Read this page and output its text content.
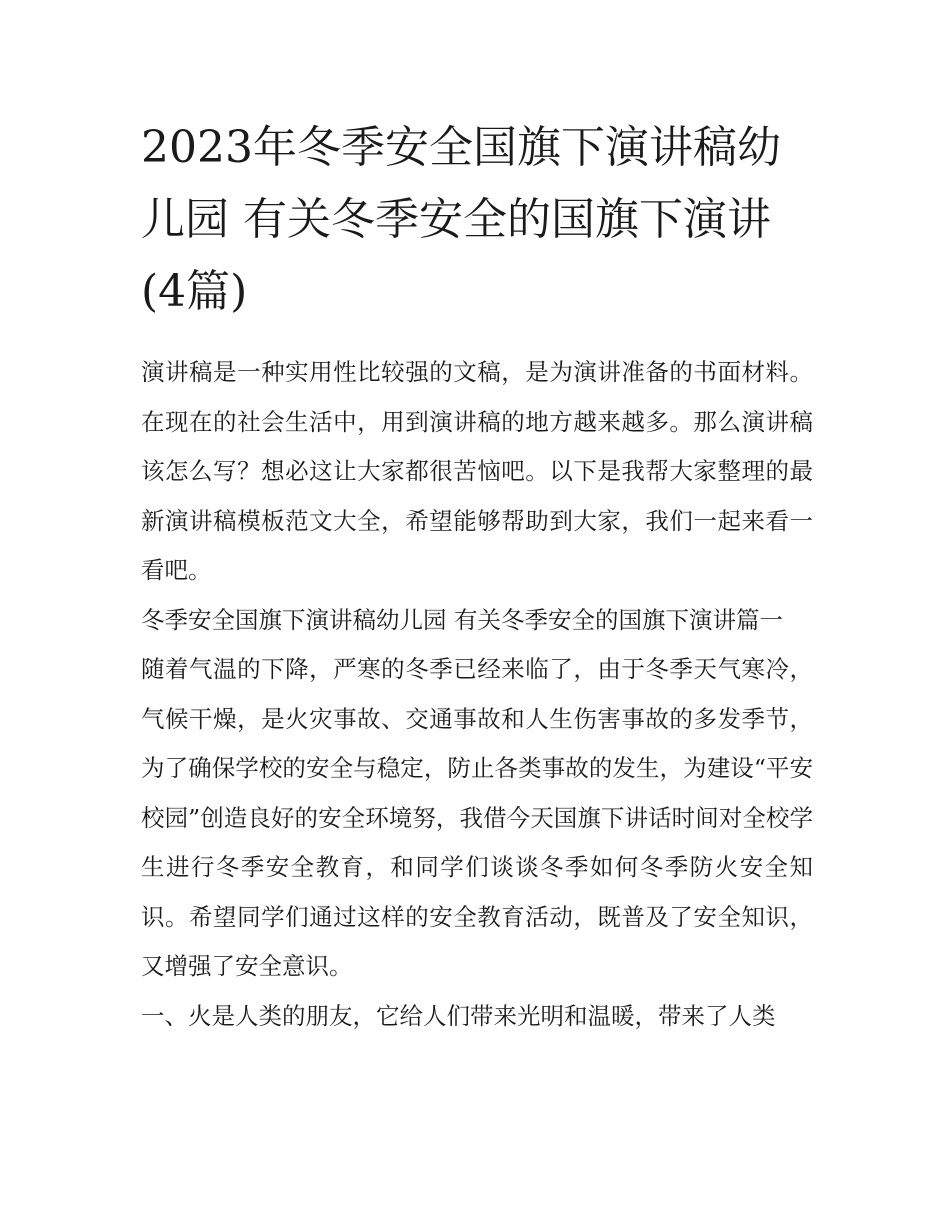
2023年冬季安全国旗下演讲稿幼儿园 有关冬季安全的国旗下演讲(4篇)

演讲稿是一种实用性比较强的文稿，是为演讲准备的书面材料。在现在的社会生活中，用到演讲稿的地方越来越多。那么演讲稿该怎么写？想必这让大家都很苦恼吧。以下是我帮大家整理的最新演讲稿模板范文大全，希望能够帮助到大家，我们一起来看一看吧。

冬季安全国旗下演讲稿幼儿园 有关冬季安全的国旗下演讲篇一

随着气温的下降，严寒的冬季已经来临了，由于冬季天气寒冷，气候干燥，是火灾事故、交通事故和人生伤害事故的多发季节，为了确保学校的安全与稳定，防止各类事故的发生，为建设“平安校园”创造良好的安全环境努，我借今天国旗下讲话时间对全校学生进行冬季安全教育，和同学们谈谈冬季如何冬季防火安全知识。希望同学们通过这样的安全教育活动，既普及了安全知识，又增强了安全意识。

一、火是人类的朋友，它给人们带来光明和温暖，带来了人类
